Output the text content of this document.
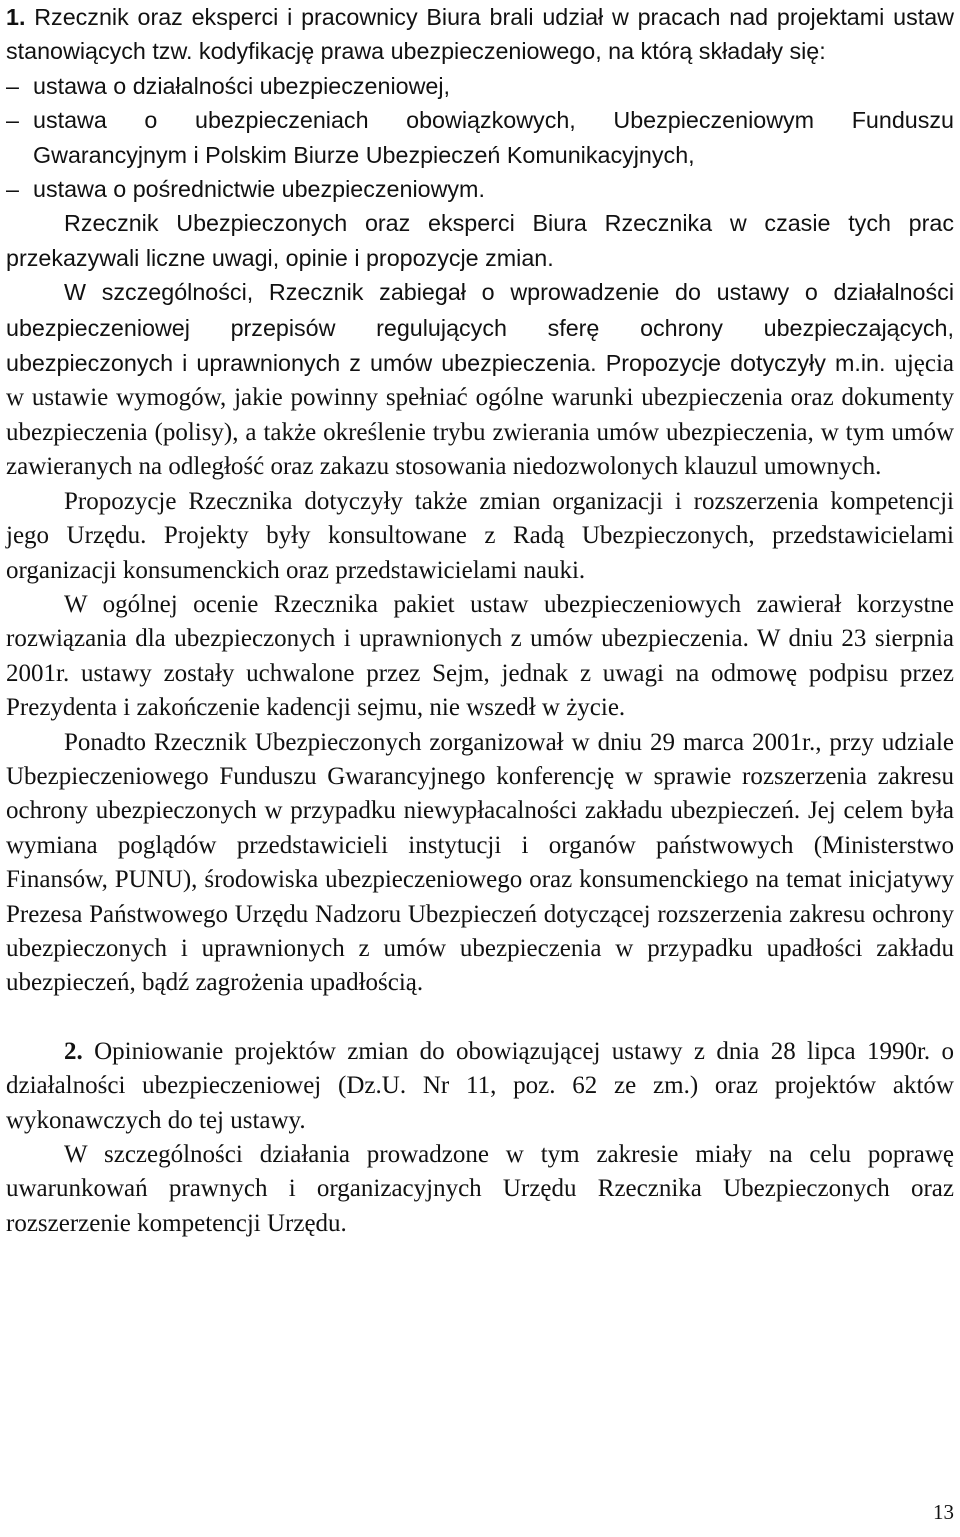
1. Rzecznik oraz eksperci i pracownicy Biura brali udział w pracach nad projektami ustaw stanowiących tzw. kodyfikację prawa ubezpieczeniowego, na którą składały się:

– ustawa o działalności ubezpieczeniowej,
– ustawa o ubezpieczeniach obowiązkowych, Ubezpieczeniowym Funduszu Gwarancyjnym i Polskim Biurze Ubezpieczeń Komunikacyjnych,
– ustawa o pośrednictwie ubezpieczeniowym.

Rzecznik Ubezpieczonych oraz eksperci Biura Rzecznika w czasie tych prac przekazywali liczne uwagi, opinie i propozycje zmian.

W szczególności, Rzecznik zabiegał o wprowadzenie do ustawy o działalności ubezpieczeniowej przepisów regulujących sferę ochrony ubezpieczających, ubezpieczonych i uprawnionych z umów ubezpieczenia. Propozycje dotyczyły m.in. ujęcia w ustawie wymogów, jakie powinny spełniać ogólne warunki ubezpieczenia oraz dokumenty ubezpieczenia (polisy), a także określenie trybu zwierania umów ubezpieczenia, w tym umów zawieranych na odległość oraz zakazu stosowania niedozwolonych klauzul umownych.

Propozycje Rzecznika dotyczyły także zmian organizacji i rozszerzenia kompetencji jego Urzędu. Projekty były konsultowane z Radą Ubezpieczonych, przedstawicielami organizacji konsumenckich oraz przedstawicielami nauki.

W ogólnej ocenie Rzecznika pakiet ustaw ubezpieczeniowych zawierał korzystne rozwiązania dla ubezpieczonych i uprawnionych z umów ubezpieczenia. W dniu 23 sierpnia 2001r. ustawy zostały uchwalone przez Sejm, jednak z uwagi na odmowę podpisu przez Prezydenta i zakończenie kadencji sejmu, nie wszedł w życie.

Ponadto Rzecznik Ubezpieczonych zorganizował w dniu 29 marca 2001r., przy udziale Ubezpieczeniowego Funduszu Gwarancyjnego konferencję w sprawie rozszerzenia zakresu ochrony ubezpieczonych w przypadku niewypłacalności zakładu ubezpieczeń. Jej celem była wymiana poglądów przedstawicieli instytucji i organów państwowych (Ministerstwo Finansów, PUNU), środowiska ubezpieczeniowego oraz konsumenckiego na temat inicjatywy Prezesa Państwowego Urzędu Nadzoru Ubezpieczeń dotyczącej rozszerzenia zakresu ochrony ubezpieczonych i uprawnionych z umów ubezpieczenia w przypadku upadłości zakładu ubezpieczeń, bądź zagrożenia upadłością.

2. Opiniowanie projektów zmian do obowiązującej ustawy z dnia 28 lipca 1990r. o działalności ubezpieczeniowej (Dz.U. Nr 11, poz. 62 ze zm.) oraz projektów aktów wykonawczych do tej ustawy.

W szczególności działania prowadzone w tym zakresie miały na celu poprawę uwarunkowań prawnych i organizacyjnych Urzędu Rzecznika Ubezpieczonych oraz rozszerzenie kompetencji Urzędu.

13
